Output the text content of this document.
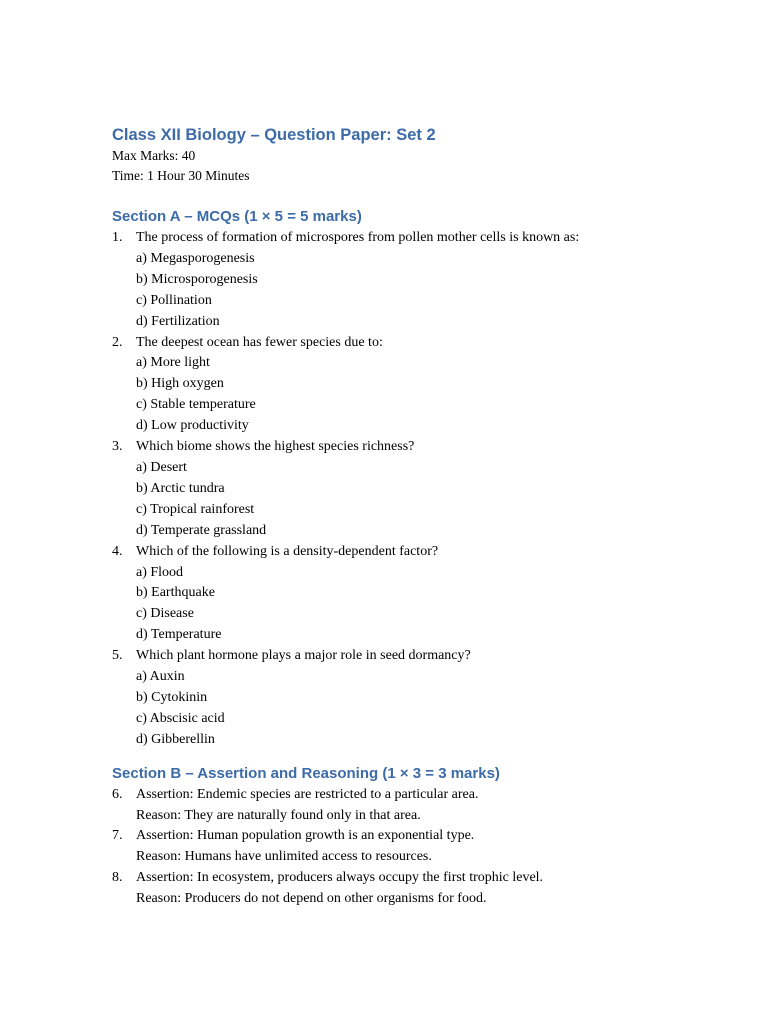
Class XII Biology – Question Paper: Set 2

Max Marks: 40

Time: 1 Hour 30 Minutes

Section A – MCQs (1 × 5 = 5 marks)
1. The process of formation of microspores from pollen mother cells is known as:
a) Megasporogenesis
b) Microsporogenesis
c) Pollination
d) Fertilization
2. The deepest ocean has fewer species due to:
a) More light
b) High oxygen
c) Stable temperature
d) Low productivity
3. Which biome shows the highest species richness?
a) Desert
b) Arctic tundra
c) Tropical rainforest
d) Temperate grassland
4. Which of the following is a density-dependent factor?
a) Flood
b) Earthquake
c) Disease
d) Temperature
5. Which plant hormone plays a major role in seed dormancy?
a) Auxin
b) Cytokinin
c) Abscisic acid
d) Gibberellin
Section B – Assertion and Reasoning (1 × 3 = 3 marks)
6. Assertion: Endemic species are restricted to a particular area.
Reason: They are naturally found only in that area.
7. Assertion: Human population growth is an exponential type.
Reason: Humans have unlimited access to resources.
8. Assertion: In ecosystem, producers always occupy the first trophic level.
Reason: Producers do not depend on other organisms for food.
